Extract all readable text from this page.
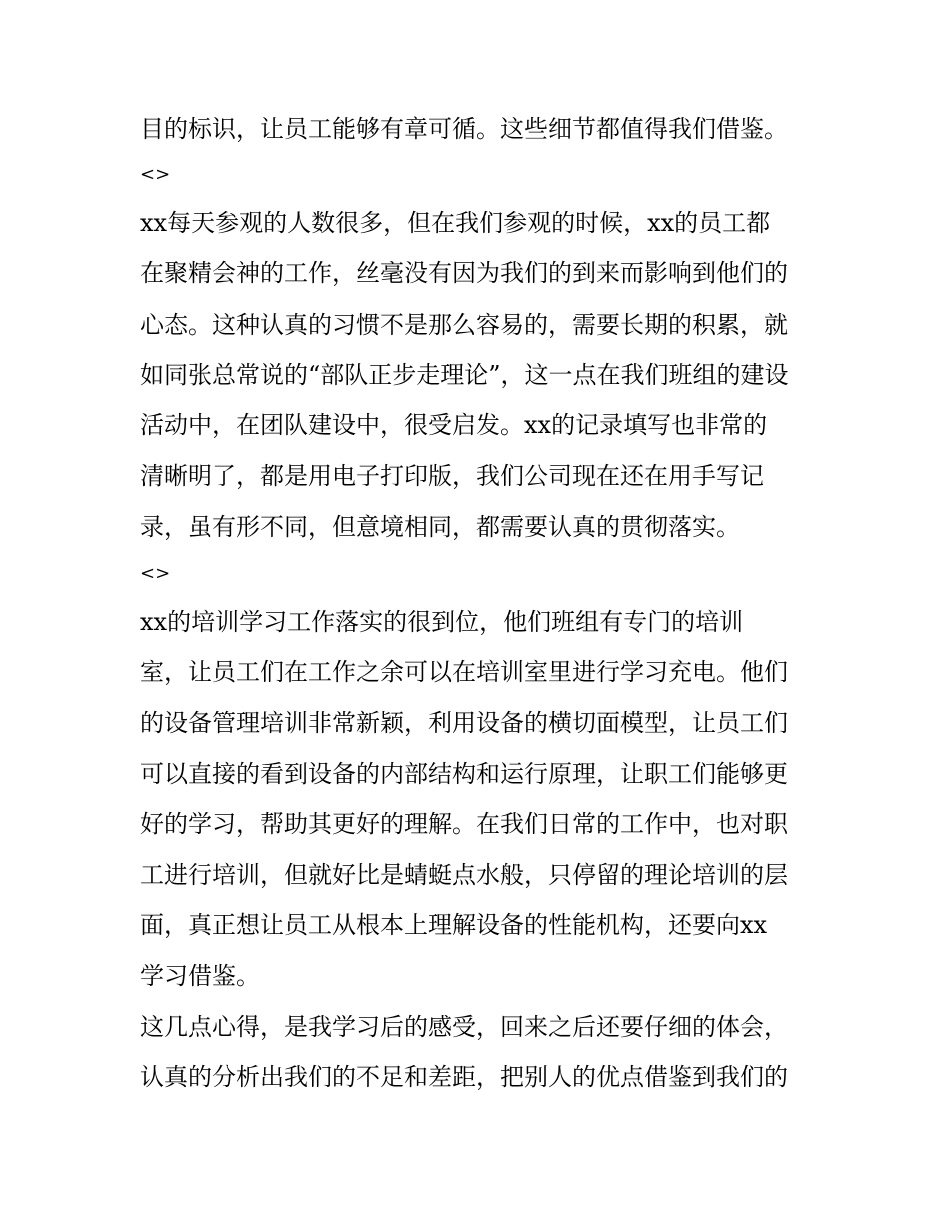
目的标识，让员工能够有章可循。这些细节都值得我们借鉴。
<>
xx每天参观的人数很多，但在我们参观的时候，xx的员工都
在聚精会神的工作，丝毫没有因为我们的到来而影响到他们的
心态。这种认真的习惯不是那么容易的，需要长期的积累，就
如同张总常说的“部队正步走理论”，这一点在我们班组的建设
活动中，在团队建设中，很受启发。xx的记录填写也非常的
清晰明了，都是用电子打印版，我们公司现在还在用手写记
录，虽有形不同，但意境相同，都需要认真的贯彻落实。
<>
xx的培训学习工作落实的很到位，他们班组有专门的培训
室，让员工们在工作之余可以在培训室里进行学习充电。他们
的设备管理培训非常新颖，利用设备的横切面模型，让员工们
可以直接的看到设备的内部结构和运行原理，让职工们能够更
好的学习，帮助其更好的理解。在我们日常的工作中，也对职
工进行培训，但就好比是蜻蜓点水般，只停留的理论培训的层
面，真正想让员工从根本上理解设备的性能机构，还要向xx
学习借鉴。
这几点心得，是我学习后的感受，回来之后还要仔细的体会，
认真的分析出我们的不足和差距，把别人的优点借鉴到我们的
